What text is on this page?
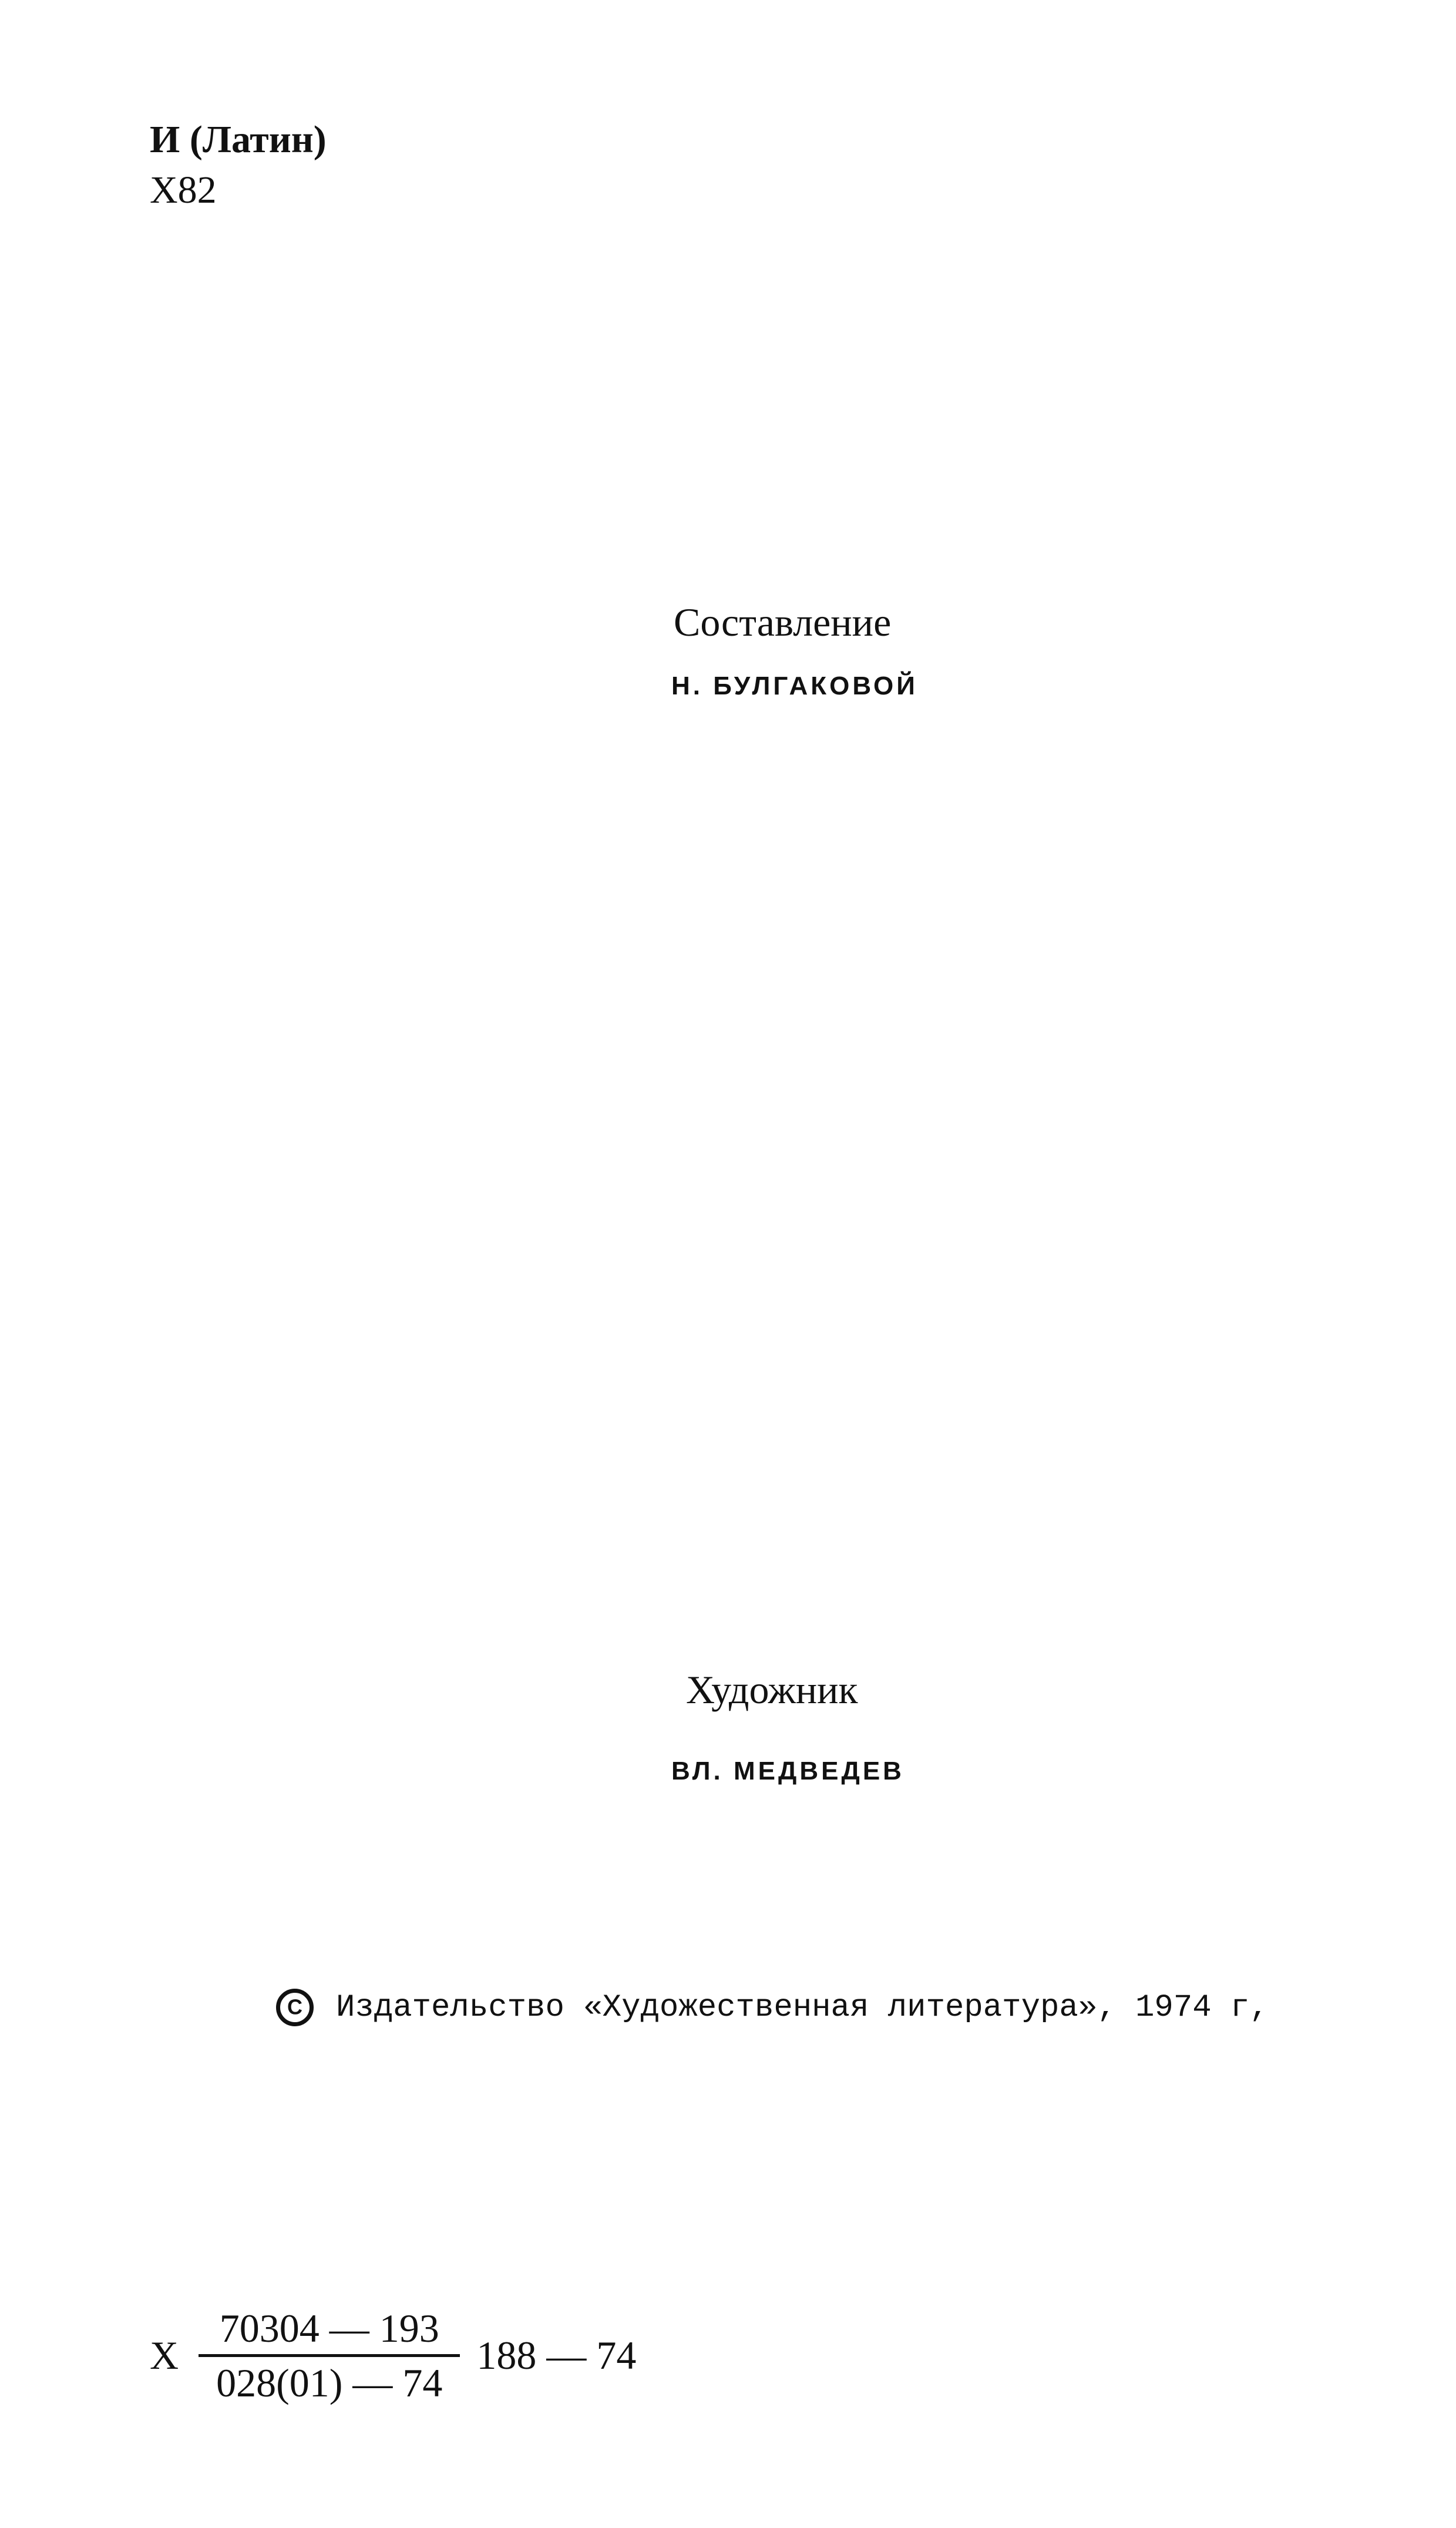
И (Латин)
Х82
Составление
Н. БУЛГАКОВОЙ
Художник
ВЛ. МЕДВЕДЕВ
C
Издательство «Художественная литература», 1974 г,
Х
70304 — 193
028(01) — 74
188 — 74
